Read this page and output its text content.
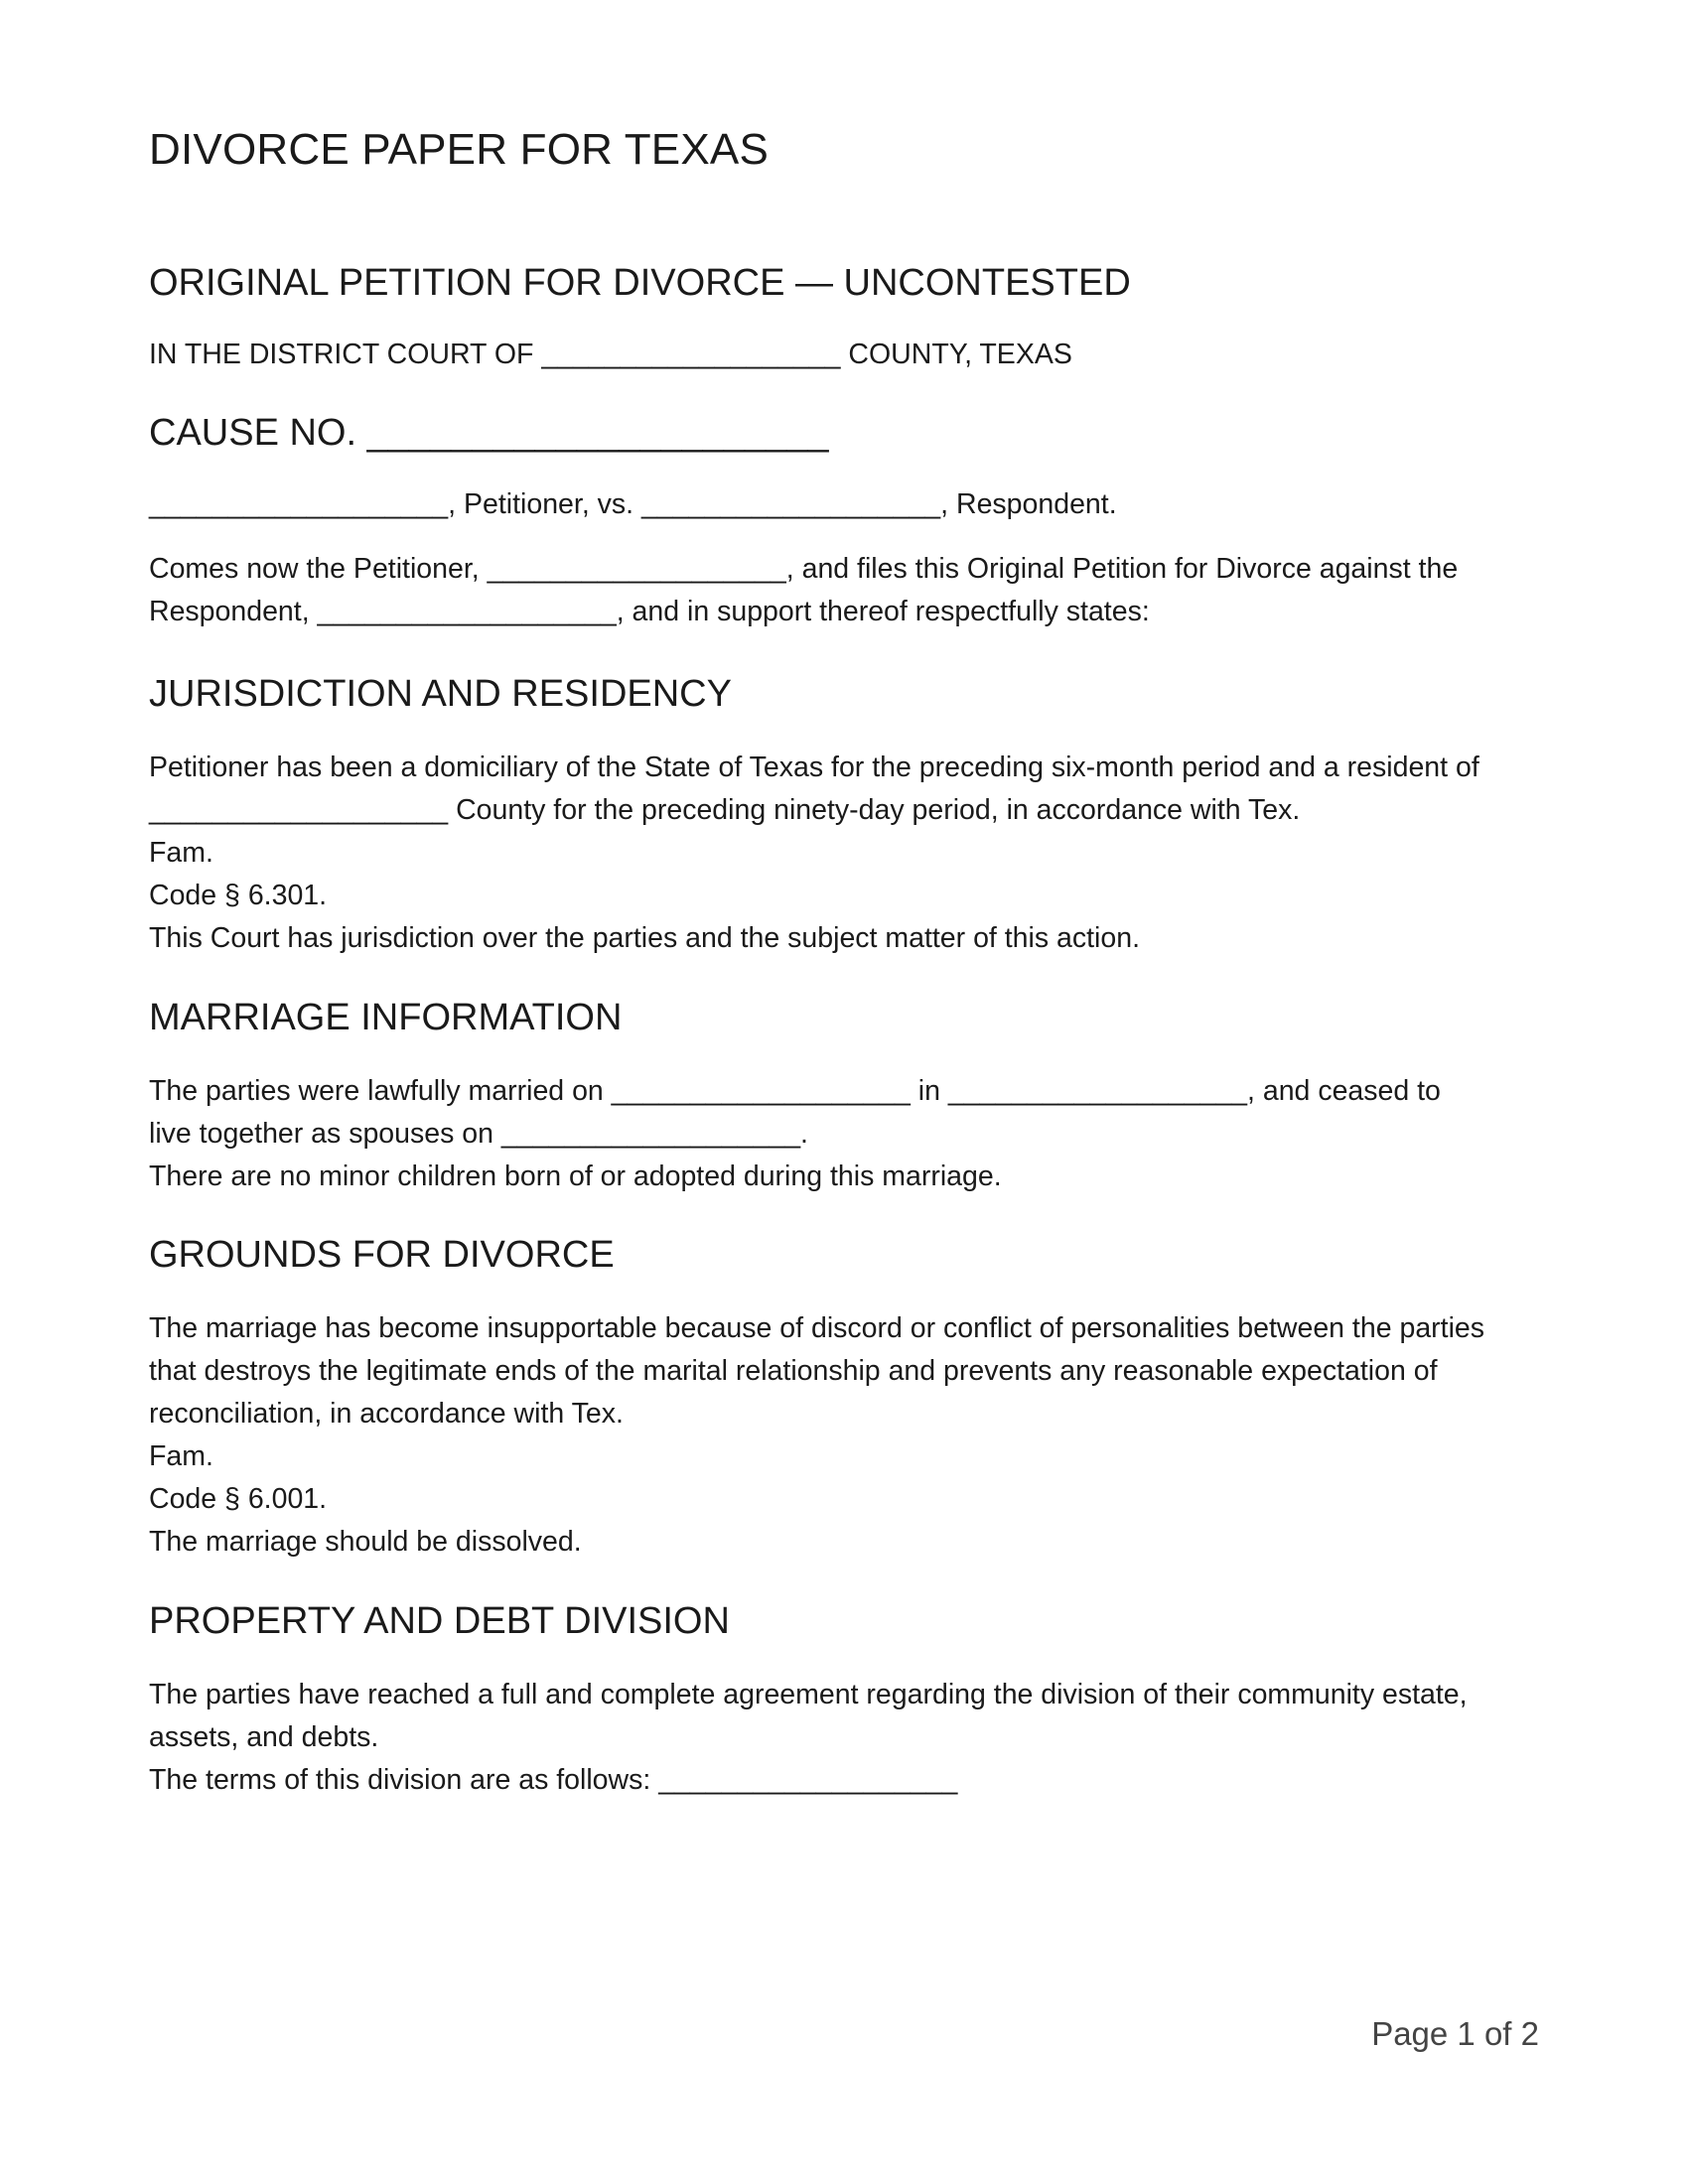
DIVORCE PAPER FOR TEXAS
ORIGINAL PETITION FOR DIVORCE — UNCONTESTED

IN THE DISTRICT COURT OF ___________________ COUNTY, TEXAS

CAUSE NO. ______________________

___________________, Petitioner, vs. ___________________, Respondent.

Comes now the Petitioner, ___________________, and files this Original Petition for Divorce against the

Respondent, ___________________, and in support thereof respectfully states:

JURISDICTION AND RESIDENCY

Petitioner has been a domiciliary of the State of Texas for the preceding six-month period and a resident of

___________________ County for the preceding ninety-day period, in accordance with Tex.

Fam.

Code § 6.301.

This Court has jurisdiction over the parties and the subject matter of this action.

MARRIAGE INFORMATION

The parties were lawfully married on ___________________ in ___________________, and ceased to

live together as spouses on ___________________.

There are no minor children born of or adopted during this marriage.

GROUNDS FOR DIVORCE

The marriage has become insupportable because of discord or conflict of personalities between the parties

that destroys the legitimate ends of the marital relationship and prevents any reasonable expectation of

reconciliation, in accordance with Tex.

Fam.

Code § 6.001.

The marriage should be dissolved.

PROPERTY AND DEBT DIVISION

The parties have reached a full and complete agreement regarding the division of their community estate,

assets, and debts.

The terms of this division are as follows: ___________________

Page 1 of 2
